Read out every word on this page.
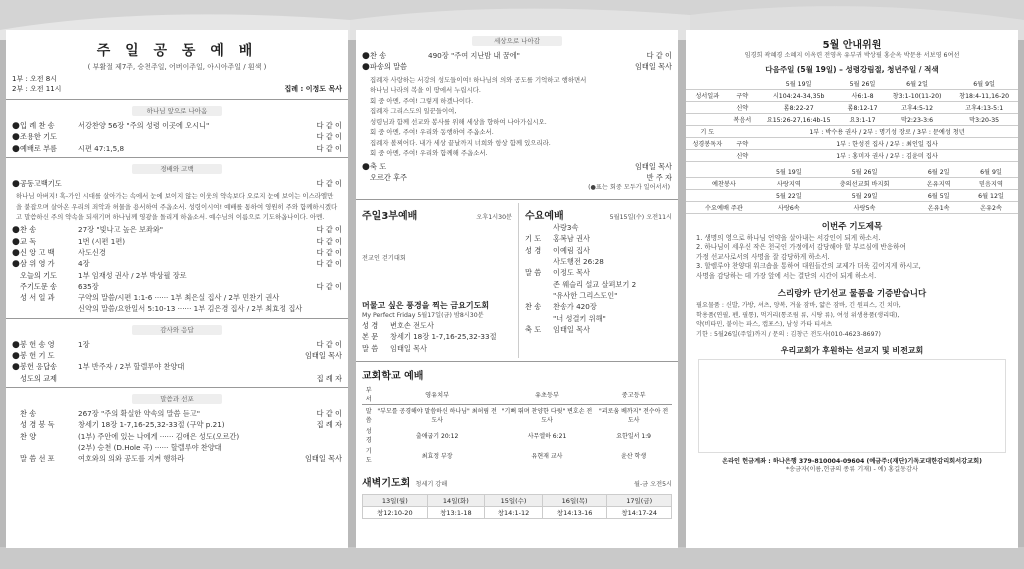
주 일 공 동 예 배
( 부활절 제7주, 승천주일, 어버이주일, 아시아주일 / 흰색 )
1부 : 오전 8시
2부 : 오전 11시	집례 : 이정도 목사
하나님 앞으로 나아옴
● 입 례 찬 송	서강찬양 56장 "주의 성령 이곳에 오시니"	다 같 이
● 조용한 기도	다 같 이
● 예배로 부름	시편 47:1,5,8	다 같 이
경배와 고백
● 공동고백기도	다 같 이
하나님 아버지! 혹-가인 시대를 살아가는 속에서 눈에 보이지 않는 이웃의 약속보다 오로지 눈에 보이는 이스라엘만을 붙잡으며 살아온 우리의 죄악과 허물을 용서하여 주옵소서. 성령이시여! 예배를 통하여 영원히 주와 함께하시겠다고 말씀하신 주의 약속을 되새기며 하나님께 영광을 돌리게 하옵소서. 예수님의 이름으로 기도하옵나이다. 아멘.
● 찬 송	27장 "빛나고 높은 보좌와"	다 같 이
● 교 독	1번 (시편 1편)	다 같 이
● 신 앙 고 백	사도신경	다 같 이
● 삼 위 영 가	4장	다 같 이
오늘의 기도	1부 임재성 권사 / 2부 박상필 장로
주기도문 송	635장	다 같 이
성 서 일 과	구약의 말씀/시편 1:1-6 ······ 1부 최은실 집사 / 2부 민찬기 권사
신약의 말씀/요한일서 5:10-13 ······ 1부 김은경 집사 / 2부 최효정 집사
감사와 응답
● 봉 헌 송 영	1장	다 같 이
● 봉 헌 기 도	임태일 목사
● 봉헌 응답송	1부 반주자 / 2부 할렐루야 찬양대
성도의 교제	집 례 자
말씀과 선포
찬 송	267장 "주의 확실한 약속의 말씀 듣고"	다 같 이
성 경 봉 독	창세기 18장 1-7,16-25,32-33절 (구약 p.21)	집 례 자
찬 양	(1부) 주안에 있는 나에게 ······ 김애은 성도(오르간)
(2부) 승천 (D.Hole 곡) ······ 할렐루야 찬양대
말 씀 선 포	여호와의 의와 공도를 지켜 행하라	임태일 목사
세상으로 나아감
● 찬 송	490장 "주여 지난밤 내 꿈에"	다 같 이
● 파송의 말씀	임태일 목사
집례자 사랑하는 서강의 성도들이여! 하나님의 의와 공도를 기억하고 행하면서
하나님 나라의 복을 이 땅에서 누립시다.
회 중 아멘, 주여! 그렇게 하겠나이다.
집례자 그리스도의 일꾼들이여,
성령님과 함께 선교와 봉사를 위해 세상을 향하여 나아가십시오.
회 중 아멘, 주여! 우리와 동행하여 주옵소서.
집례자 볼찌어다. 내가 세상 끝날까지 너희와 항상 함께 있으리라.
회 중 아멘, 주여! 우리와 함께해 주옵소서.
● 축 도	임태일 목사
오르간 후주	반 주 자
(●표는 회중 모두가 일어서서)
주일3부예배	오후1시30분
전교인 걷기대회
머물고 싶은 풍경을 찍는 금요기도회
My Perfect Friday 5월17일(금) 밤8시30분
성 경	변호손 전도사
본 문	창세기 18장 1-7,16-25,32-33절
말 씀	임태일 목사
수요예배	5월15일(수) 오전11시
사랑3속
기 도	홍복남 권사
성 경	이예림 집사
사도행전 26:28
말 씀	이정도 목사
존 웨슬리 설교 살펴보기 2
"유사한 그리스도인"
찬 송	찬송가 420장
"너 성결키 위해"
축 도	임태일 목사
교회학교 예배
부서	영유치부	유초등부	중고등부
말씀	"부모를 공경해야 말씀하신 하나님" 최허림 전도사	"기뻐 뛰며 찬양한 다윗" 변호손 전도사	"괴로움 베까지" 전수아 전도사
성경	출애굽기 20:12	사무엘하 6:21	요한일서 1:9
기도	최효정 부장	유현재 교사	윤산 학생
새벽기도회 청세기 강해	월-금 오전5시
13일(월)	14일(화)	15일(수)	16일(목)	17일(금)
창12:10-20	창13:1-18	창14:1-12	창14:13-16	창14:17-24
5월 안내위원
임경희 곽혜경 소혜지 이옥련 전영옥 유부귀 박상필 홍순옥 박문용 서보영 6여선
다음주일 (5월 19일) – 성령강림절, 청년주일 / 적색
		5월 19일	5월 26일	6월 2일	6월 9일
성서일과	구약	시104:24-34,35b	사6:1-8	창3:1-10(11-20)	창18:4-11,16-20
	신약	롬8:22-27	롬8:12-17	고후4:5-12	고후4:13-5:1
	복음서	요15:26-27,16:4b-15	요3:1-17	막2:23-3:6	막3:20-35
기 도		1부 : 박수용 권사 / 2부 : 명기성 장로 / 3부 : 문예성 청년			
성경봉독자	구약	1부 : 한성진 집사 / 2부 : 최인일 집사			
	신약	1부 : 홍미자 권사 / 2부 : 김윤미 집사			
	5월 19일	5월 26일	6월 2일	6월 9일
예찬봉사	사랑지역	충의선교회 바지회	온유지역	믿음지역
	5월 22일	5월 29일	6월 5일	6월 12일
수요예배 주관	사랑6속	사랑5속	온유1속	온유2속
이번주 기도제목
1. 생명의 영으로 하나님 언약을 살아내는 서강인이 되게 하소서.
2. 하나님이 세우신 작은 천국인 가정에서 감당해야 할 부르심에 반응하여
가정 선교사로서의 사명을 잘 감당하게 하소서.
3. 할렐루야 찬양대 워크숍을 통하여 대원들간의 교제가 더욱 깊어지게 하시고,
사명을 감당하는 데 가장 앞에 서는 결단의 시간이 되게 하소서.
스리랑카 단기선교 물품을 기증받습니다
필요물품 : 신발, 가방, 셔츠, 양복, 겨울 잠바, 얇은 잠바, 긴 원피스, 긴 치마,
학용품(연필, 펜, 필통), 먹거리(통조림 류, 시탕 류), 여성 위생용품(생리대),
약(비타민, 붙이는 파스, 캡포스), 남성 카타 티셔츠
기한 : 5월26일(주일)까지 / 문의 : 김창근 전도사(010-4623-8697)
우리교회가 후원하는 선교지 및 비전교회
온라인 헌금계좌 : 하나은행 379-810004-09604 (예금주:(재단)기독교대한감리회서강교회)
*송금자(이름,헌금의 종류 기재) - 예) 홍길동감사
